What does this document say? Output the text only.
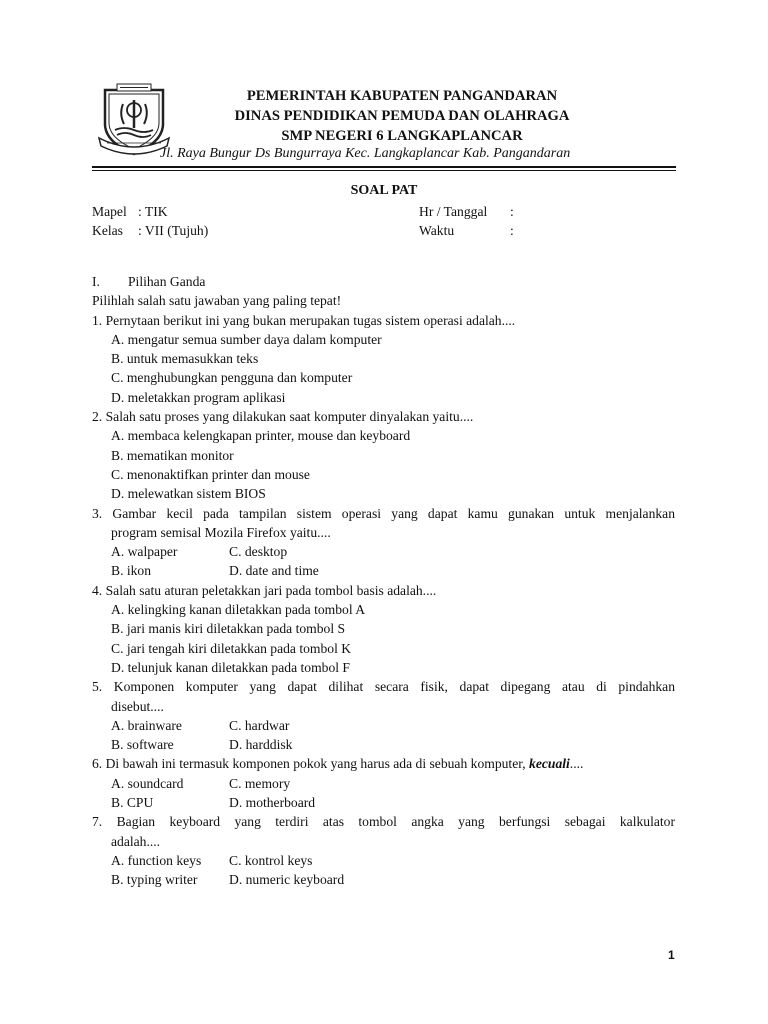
PEMERINTAH KABUPATEN PANGANDARAN
DINAS PENDIDIKAN PEMUDA DAN OLAHRAGA
SMP NEGERI 6 LANGKAPLANCAR
Jl. Raya Bungur Ds Bungurraya Kec. Langkaplancar Kab. Pangandaran
SOAL PAT
Mapel : TIK
Kelas : VII (Tujuh)
Hr / Tanggal :
Waktu	:
I. Pilihan Ganda
Pilihlah salah satu jawaban yang paling tepat!
1. Pernytaan berikut ini yang bukan merupakan tugas sistem operasi adalah....
A. mengatur semua sumber daya dalam komputer
B. untuk memasukkan teks
C. menghubungkan pengguna dan komputer
D. meletakkan program aplikasi
2. Salah satu proses yang dilakukan saat komputer dinyalakan yaitu....
A. membaca kelengkapan printer, mouse dan keyboard
B. mematikan monitor
C. menonaktifkan printer dan mouse
D. melewatkan sistem BIOS
3. Gambar kecil pada tampilan sistem operasi yang dapat kamu gunakan untuk menjalankan
program semisal Mozila Firefox yaitu....
A. walpaper	C. desktop
B. ikon	D. date and time
4. Salah satu aturan peletakkan jari pada tombol basis adalah....
A. kelingking kanan diletakkan pada tombol A
B. jari manis kiri diletakkan pada tombol S
C. jari tengah kiri diletakkan pada tombol K
D. telunjuk kanan diletakkan pada tombol F
5. Komponen komputer yang dapat dilihat secara fisik, dapat dipegang atau di pindahkan
disebut....
A. brainware	C. hardwar
B. software	D. harddisk
6. Di bawah ini termasuk komponen pokok yang harus ada di sebuah komputer, kecuali....
A. soundcard	C. memory
B. CPU	D. motherboard
7. Bagian keyboard yang terdiri atas tombol angka yang berfungsi sebagai kalkulator
adalah....
A. function keys C. kontrol keys
B. typing writer D. numeric keyboard
1
